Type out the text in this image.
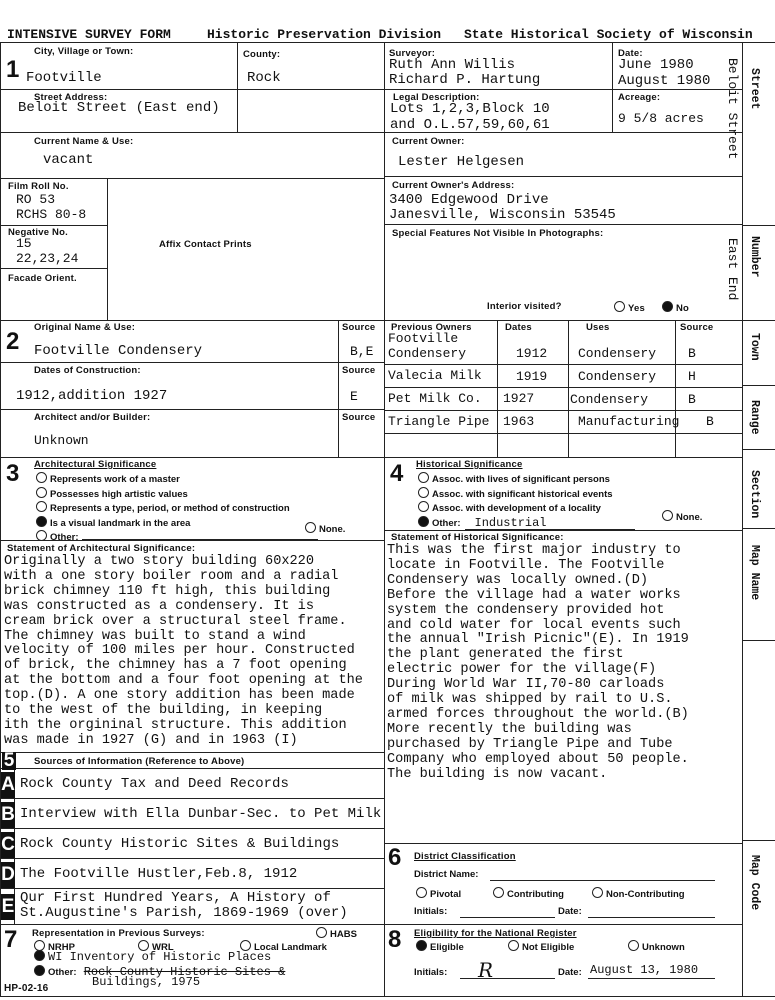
INTENSIVE SURVEY FORM	Historic Preservation Division State Historical Society of Wisconsin
Street
Beloit Street
Number
East End
Town
Range
Section
Map Name
Map Code
1
City, Village or Town:
Footville
County:
Rock
Surveyor:
Ruth Ann Willis
Richard P. Hartung
Date:
June 1980
August 1980
Street Address:
Beloit Street (East end)
Legal Description:
Lots 1,2,3,Block 10
and O.L.57,59,60,61
Acreage:
9 5/8 acres
Current Name & Use:
vacant
Current Owner:
Lester Helgesen
Film Roll No.
RO 53
RCHS 80-8
Negative No.
15
22,23,24
Facade Orient.
Affix Contact Prints
Current Owner's Address:
3400 Edgewood Drive
Janesville, Wisconsin 53545
Special Features Not Visible In Photographs:
Interior visited?	Yes	No
2
Original Name & Use:
Footville Condensery
Source
B,E
Dates of Construction:
1912,addition 1927
Source
E
Architect and/or Builder:
Unknown
Source
Previous Owners	Dates	Uses	Source
Footville
Condensery	1912 Condensery B
Valecia Milk	1919 Condensery H
Pet Milk Co. 1927	Condensery	B
Triangle Pipe 1963	Manufacturing B
3 Architectural Significance
Represents work of a master
Possesses high artistic values
Represents a type, period, or method of construction
Is a visual landmark in the area
Other:
None.
Statement of Architectural Significance:
Originally a two story building 60x220
with a one story boiler room and a radial
brick chimney 110 ft high, this building
was constructed as a condensery. It is
cream brick over a structural steel frame.
The chimney was built to stand a wind
velocity of 100 miles per hour. Constructed
of brick, the chimney has a 7 foot opening
at the bottom and a four foot opening at the
top.(D). A one story addition has been made
to the west of the building, in keeping
ith the orgininal structure. This addition
was made in 1927 (G) and in 1963 (I)
4 Historical Significance
Assoc. with lives of significant persons
Assoc. with significant historical events
Assoc. with development of a locality
Other: Industrial	None.
Statement of Historical Significance:
This was the first major industry to
locate in Footville. The Footville
Condensery was locally owned.(D)
Before the village had a water works
system the condensery provided hot
and cold water for local events such
the annual "Irish Picnic"(E). In 1919
the plant generated the first
electric power for the village(F)
During World War II,70-80 carloads
of milk was shipped by rail to U.S.
armed forces throughout the world.(B)
More recently the building was
purchased by Triangle Pipe and Tube
Company who employed about 50 people.
The building is now vacant.
5 Sources of Information (Reference to Above)
A Rock County Tax and Deed Records
B Interview with Ella Dunbar-Sec. to Pet Milk
C Rock County Historic Sites & Buildings
D The Footville Hustler,Feb.8, 1912
E Qur First Hundred Years, A History of
St.Augustine's Parish, 1869-1969 (over)
6 District Classification
District Name:
Pivotal	Contributing	Non-Contributing
Initials:	Date:
7 Representation in Previous Surveys:	HABS
NRHP	WRL	Local Landmark
WI Inventory of Historic Places
Other: Rock County Historic Sites &
Buildings, 1975
HP-02-16
8 Eligibility for the National Register
Eligible	Not Eligible	Unknown
Initials: R	Date: August 13, 1980
